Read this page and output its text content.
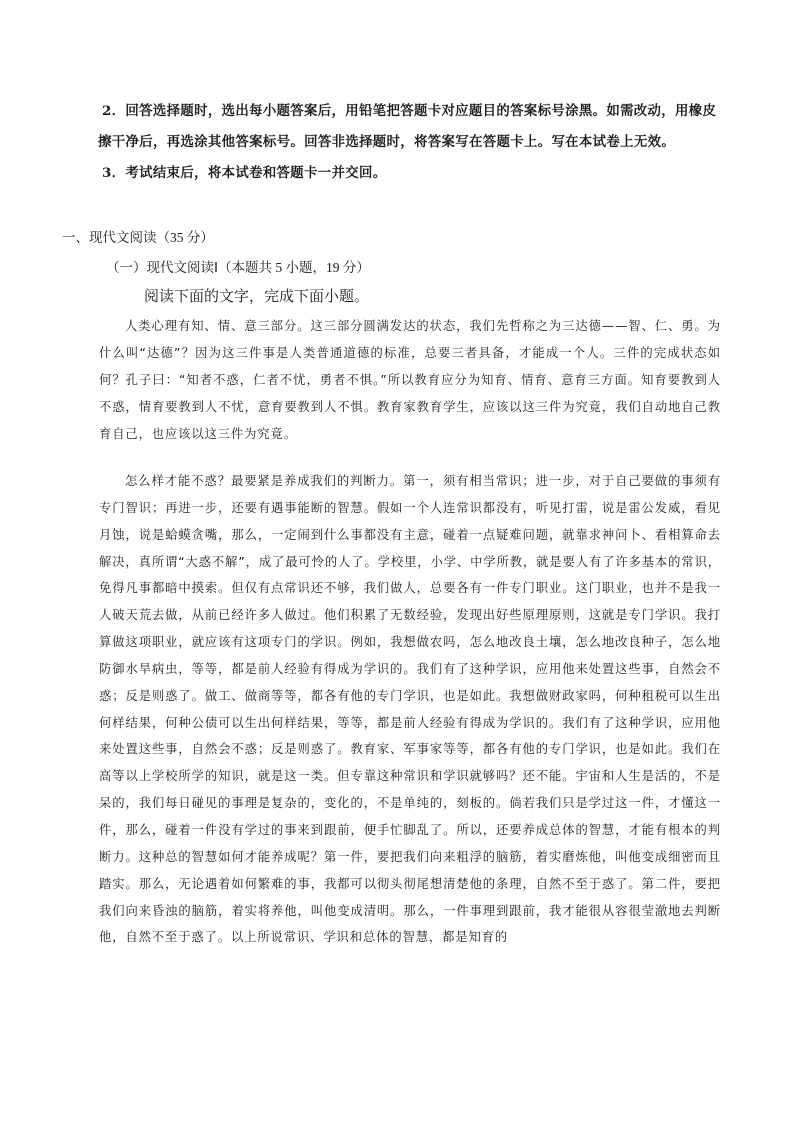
2．回答选择题时，选出每小题答案后，用铅笔把答题卡对应题目的答案标号涂黑。如需改动，用橡皮擦干净后，再选涂其他答案标号。回答非选择题时，将答案写在答题卡上。写在本试卷上无效。

3．考试结束后，将本试卷和答题卡一并交回。

一、现代文阅读（35 分）

（一）现代文阅读Ⅰ（本题共 5 小题，19 分）

阅读下面的文字，完成下面小题。

人类心理有知、情、意三部分。这三部分圆满发达的状态，我们先哲称之为三达德——智、仁、勇。为什么叫“达德”？因为这三件事是人类普通道德的标准，总要三者具备，才能成一个人。三件的完成状态如何？孔子曰：“知者不惑，仁者不忧，勇者不惧。”所以教育应分为知育、情育、意育三方面。知育要教到人不惑，情育要教到人不忧，意育要教到人不惧。教育家教育学生，应该以这三件为究竟，我们自动地自己教育自己，也应该以这三件为究竟。

怎么样才能不惑？最要紧是养成我们的判断力。第一，须有相当常识；进一步，对于自己要做的事须有专门智识；再进一步，还要有遇事能断的智慧。假如一个人连常识都没有，听见打雷，说是雷公发威，看见月蚀，说是蛤蟆贪嘴，那么，一定闹到什么事都没有主意，碰着一点疑难问题，就靠求神问卜、看相算命去解决，真所谓“大惑不解”，成了最可怜的人了。学校里，小学、中学所教，就是要人有了许多基本的常识，免得凡事都暗中摸索。但仅有点常识还不够，我们做人，总要各有一件专门职业。这门职业，也并不是我一人破天荒去做，从前已经许多人做过。他们积累了无数经验，发现出好些原理原则，这就是专门学识。我打算做这项职业，就应该有这项专门的学识。例如，我想做农吗，怎么地改良土壤，怎么地改良种子，怎么地防御水旱病虫，等等，都是前人经验有得成为学识的。我们有了这种学识，应用他来处置这些事，自然会不惑；反是则惑了。做工、做商等等，都各有他的专门学识，也是如此。我想做财政家吗，何种租税可以生出何样结果，何种公债可以生出何样结果，等等，都是前人经验有得成为学识的。我们有了这种学识，应用他来处置这些事，自然会不惑；反是则惑了。教育家、军事家等等，都各有他的专门学识，也是如此。我们在高等以上学校所学的知识，就是这一类。但专靠这种常识和学识就够吗？还不能。宇宙和人生是活的，不是呆的，我们每日碰见的事理是复杂的，变化的，不是单纯的，刻板的。倘若我们只是学过这一件，才懂这一件，那么，碰着一件没有学过的事来到跟前，便手忙脚乱了。所以，还要养成总体的智慧，才能有根本的判断力。这种总的智慧如何才能养成呢？第一件，要把我们向来粗浮的脑筋，着实磨炼他，叫他变成细密而且踏实。那么，无论遇着如何繁难的事，我都可以彻头彻尾想清楚他的条理，自然不至于惑了。第二件，要把我们向来昏浊的脑筋，着实将养他，叫他变成清明。那么，一件事理到跟前，我才能很从容很莹澈地去判断他，自然不至于惑了。以上所说常识、学识和总体的智慧，都是知育的
